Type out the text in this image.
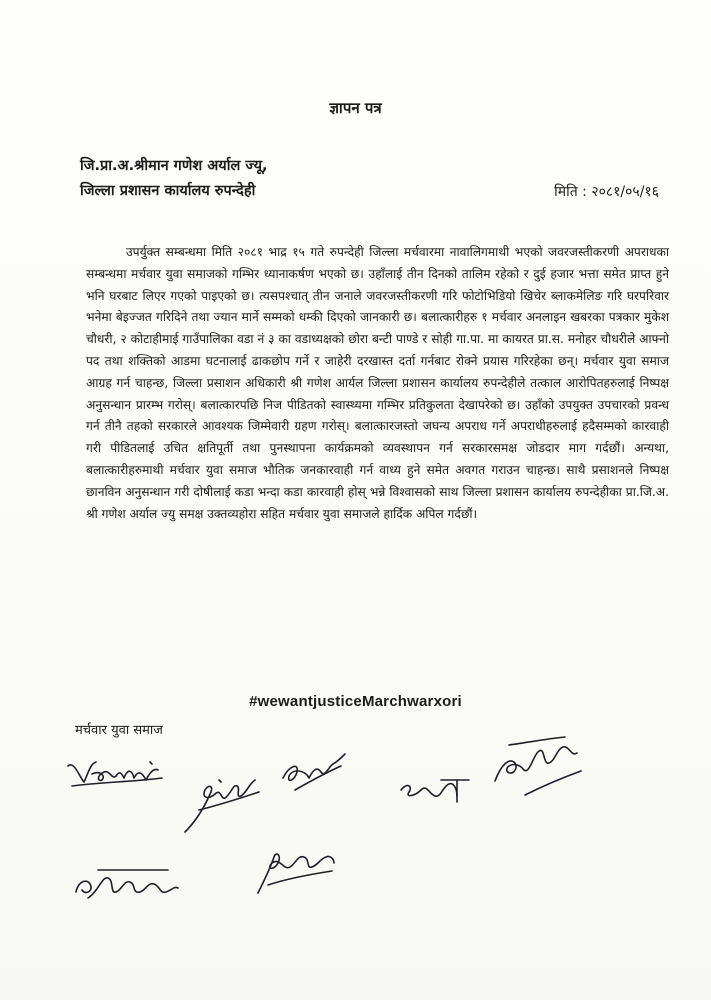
ज्ञापन पत्र
जि.प्रा.अ.श्रीमान गणेश अर्याल ज्यू,
जिल्ला प्रशासन कार्यालय रुपन्देही	मिति : २०८१/०५/१६
उपर्युक्त सम्बन्धमा मिति २०८१ भाद्र १५ गते रुपन्देही जिल्ला मर्चवारमा नावालिगमाथी भएको जवरजस्तीकरणी अपराधका सम्बन्धमा मर्चवार युवा समाजको गम्भिर ध्यानाकर्षण भएको छ। उहाँलाई तीन दिनको तालिम रहेको र दुई हजार भत्ता समेत प्राप्त हुने भनि घरबाट लिएर गएको पाइएको छ। त्यसपश्चात् तीन जनाले जवरजस्तीकरणी गरि फोटोभिडियो खिचेर ब्लाकमेलिङ गरि घरपरिवार भनेमा बेइज्जत गरिदिने तथा ज्यान मार्ने सम्मको धम्की दिएको जानकारी छ। बलात्कारीहरु १ मर्चवार अनलाइन खबरका पत्रकार मुकेश चौधरी, २ कोटाहीमाई गाउँपालिका वडा नं ३ का वडाध्यक्षको छोरा बन्टी पाण्डे र सोही गा.पा. मा कायरत प्रा.स. मनोहर चौधरीले आफ्नो पद तथा शक्तिको आडमा घटनालाई ढाकछोप गर्ने र जाहेरी दरखास्त दर्ता गर्नबाट रोक्ने प्रयास गरिरहेका छन्। मर्चवार युवा समाज आग्रह गर्न चाहन्छ, जिल्ला प्रसाशन अधिकारी श्री गणेश आर्यल जिल्ला प्रशासन कार्यालय रुपन्देहीले तत्काल आरोपितहरुलाई निष्पक्ष अनुसन्धान प्रारम्भ गरोस्। बलात्कारपछि निज पीडितको स्वास्थ्यमा गम्भिर प्रतिकुलता देखापरेको छ। उहाँको उपयुक्त उपचारको प्रवन्ध गर्न तीनै तहको सरकारले आवश्यक जिम्मेवारी ग्रहण गरोस्। बलात्कारजस्तो जघन्य अपराध गर्ने अपराधीहरुलाई हदैसम्मको कारवाही गरी पीडितलाई उचित क्षतिपूर्ती तथा पुनस्थापना कार्यक्रमको व्यवस्थापन गर्न सरकारसमक्ष जोडदार माग गर्दछौं। अन्यथा, बलात्कारीहरुमाथी मर्चवार युवा समाज भौतिक जनकारवाही गर्न वाध्य हुने समेत अवगत गराउन चाहन्छ। साथै प्रसाशनले निष्पक्ष छानविन अनुसन्धान गरी दोषीलाई कडा भन्दा कडा कारवाही होस् भन्ने विश्वासको साथ जिल्ला प्रशासन कार्यालय रुपन्देहीका प्रा.जि.अ. श्री गणेश अर्याल ज्यु समक्ष उक्तव्यहोरा सहित मर्चवार युवा समाजले हार्दिक अपिल गर्दछौं।
#wewantjusticeMarchwarxori
मर्चवार युवा समाज
